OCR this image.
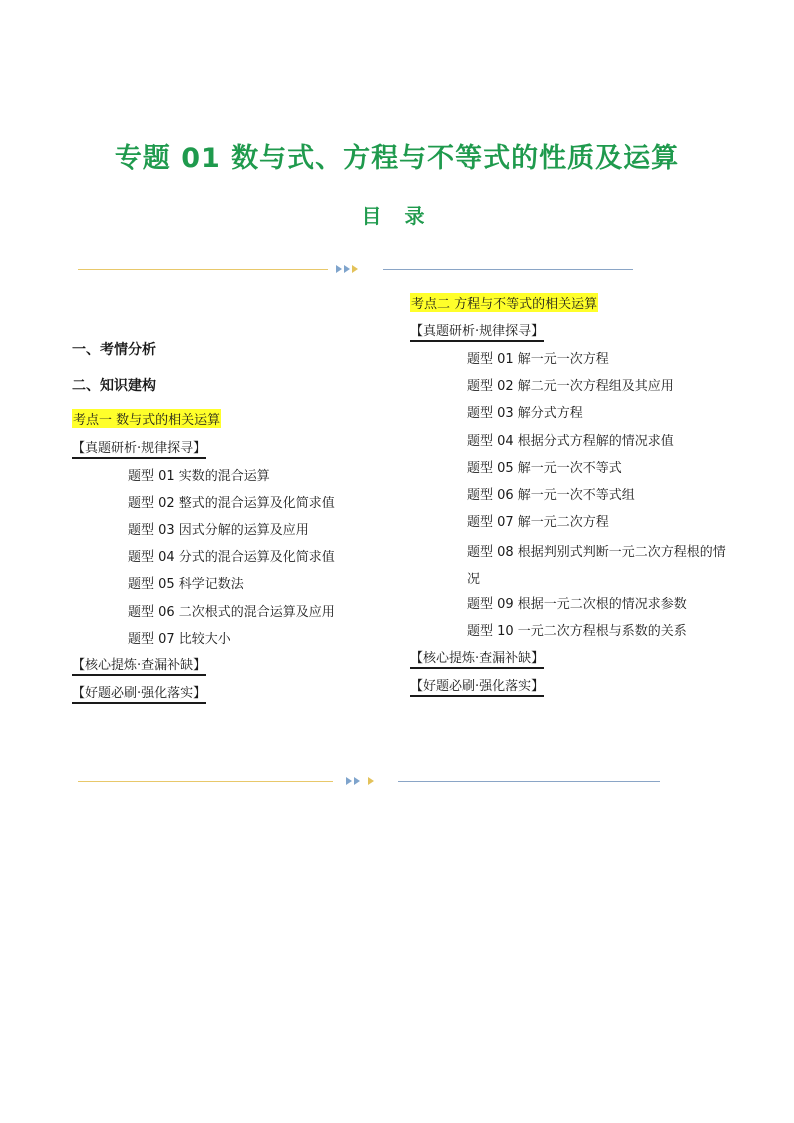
专题 01 数与式、方程与不等式的性质及运算
目 录
一、考情分析
二、知识建构
考点一 数与式的相关运算
【真题研析·规律探寻】
题型 01 实数的混合运算
题型 02 整式的混合运算及化简求值
题型 03 因式分解的运算及应用
题型 04 分式的混合运算及化简求值
题型 05 科学记数法
题型 06 二次根式的混合运算及应用
题型 07 比较大小
【核心提炼·查漏补缺】
【好题必刷·强化落实】
考点二 方程与不等式的相关运算
【真题研析·规律探寻】
题型 01 解一元一次方程
题型 02 解二元一次方程组及其应用
题型 03 解分式方程
题型 04 根据分式方程解的情况求值
题型 05 解一元一次不等式
题型 06 解一元一次不等式组
题型 07 解一元二次方程
题型 08 根据判别式判断一元二次方程根的情况
题型 09 根据一元二次根的情况求参数
题型 10 一元二次方程根与系数的关系
【核心提炼·查漏补缺】
【好题必刷·强化落实】
